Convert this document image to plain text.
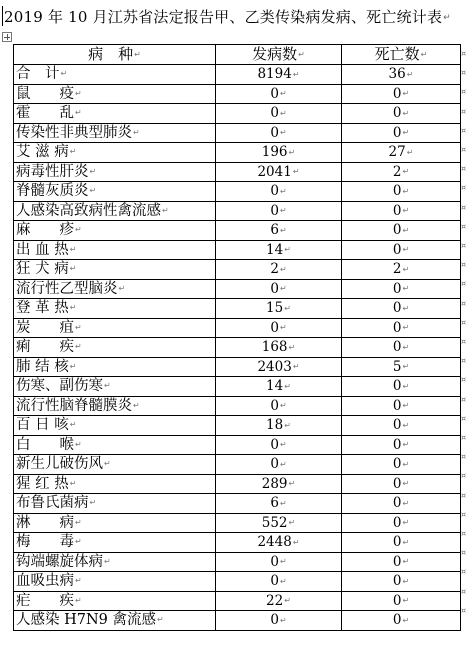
2019 年 10 月江苏省法定报告甲、乙类传染病发病、死亡统计表↵
病　种↵	发病数↵	死亡数↵
合　计↵	8194↵	36↵
鼠　　疫↵	0↵	0↵
霍　　乱↵	0↵	0↵
传染性非典型肺炎↵	0↵	0↵
艾 滋 病↵	196↵	27↵
病毒性肝炎↵	2041↵	2↵
脊髓灰质炎↵	0↵	0↵
人感染高致病性禽流感↵	0↵	0↵
麻　　疹↵	6↵	0↵
出 血 热↵	14↵	0↵
狂 犬 病↵	2↵	2↵
流行性乙型脑炎↵	0↵	0↵
登 革 热↵	15↵	0↵
炭　　疽↵	0↵	0↵
痢　　疾↵	168↵	0↵
肺 结 核↵	2403↵	5↵
伤寒、副伤寒↵	14↵	0↵
流行性脑脊髓膜炎↵	0↵	0↵
百 日 咳↵	18↵	0↵
白　　喉↵	0↵	0↵
新生儿破伤风↵	0↵	0↵
猩 红 热↵	289↵	0↵
布鲁氏菌病↵	6↵	0↵
淋　　病↵	552↵	0↵
梅　　毒↵	2448↵	0↵
钩端螺旋体病↵	0↵	0↵
血吸虫病↵	0↵	0↵
疟　　疾↵	22↵	0↵
人感染 H7N9 禽流感↵	0↵	0↵
¤
¤
¤
¤
¤
¤
¤
¤
¤
¤
¤
¤
¤
¤
¤
¤
¤
¤
¤
¤
¤
¤
¤
¤
¤
¤
¤
¤
¤
¤
